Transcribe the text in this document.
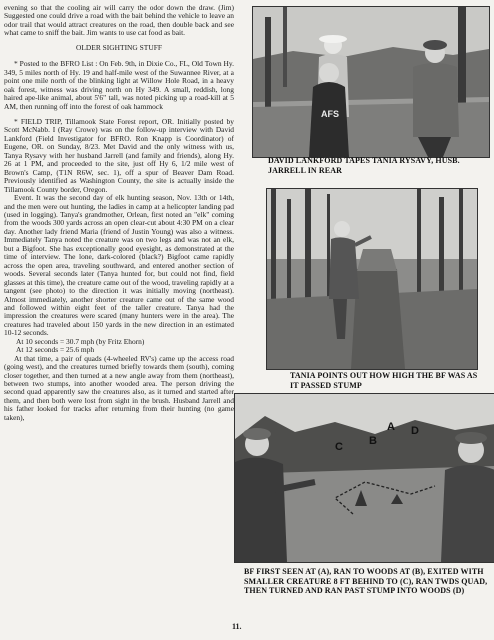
evening so that the cooling air will carry the odor down the draw. (Jim) Suggested one could drive a road with the bait behind the vehicle to leave an odor trail that would attract creatures on the road, then double back and see what came to sniff the bait. Jim wants to use cat food as bait.

OLDER SIGHTING STUFF

* Posted to the BFRO List : On Feb. 9th, in Dixie Co., FL, Old Town Hy. 349, 5 miles north of Hy. 19 and half-mile west of the Suwannee River, at a point one mile north of the blinking light at Willow Hole Road, in a heavy oak forest, witness was driving north on Hy 349. A small, reddish, long haired ape-like animal, about 5'6" tall, was noted picking up a road-kill at 5 AM, then running off into the forest of oak hammock

* FIELD TRIP, Tillamook State Forest report, OR. Initially posted by Scott McNabb. I (Ray Crowe) was on the follow-up interview with David Lankford (Field Investigator for BFRO. Ron Knapp is Coordinator) of Eugene, OR. on Sunday, 8/23. Met David and the only witness with us, Tanya Rysavy with her husband Jarrell (and family and friends), along Hy. 26 at 1 PM, and proceeded to the site, just off Hy 6, 1/2 mile west of Brown's Camp, (T1N R6W, sec. 1), off a spur of Beaver Dam Road. Previously identified as Washington County, the site is actually inside the Tillamook County border, Oregon.

Event. It was the second day of elk hunting season, Nov. 13th or 14th, and the men were out hunting, the ladies in camp at a helicopter landing pad (used in logging). Tanya's grandmother, Orlean, first noted an "elk" coming from the woods 300 yards across an open clear-cut about 4:30 PM on a clear day. Another lady friend Maria (friend of Justin Young) was also a witness. Immediately Tanya noted the creature was on two legs and was not an elk, but a Bigfoot. She has exceptionally good eyesight, as demonstrated at the time of interview. The lone, dark-colored (black?) Bigfoot came rapidly across the open area, traveling southward, and entered another section of woods. Several seconds later (Tanya hunted for, but could not find, field glasses at this time), the creature came out of the wood, traveling rapidly at a tangent (see photo) to the direction it was initially moving (northeast). Almost immediately, another shorter creature came out of the same wood and followed within eight feet of the taller creature. Tanya had the impression the creatures were scared (many hunters were in the area). The creatures had traveled about 150 yards in the new direction in an estimated 10-12 seconds.

At 10 seconds = 30.7 mph (by Fritz Ehorn)

At 12 seconds = 25.6 mph

At that time, a pair of quads (4-wheeled RV's) came up the access road (going west), and the creatures turned briefly towards them (south), coming closer together, and then turned at a new angle away from them (northeast), between two stumps, into another wooded area. The person driving the second quad apparently saw the creatures also, as it turned and started after them, and then both were lost from sight in the brush. Husband Jarrell and his father looked for tracks after returning from their hunting (no game taken),

AFS
DAVID LANKFORD TAPES TANIA RYSAVY, HUSB. JARRELL IN REAR
TANIA POINTS OUT HOW HIGH THE BF WAS AS IT PASSED STUMP
A D
B
C
BF FIRST SEEN AT (A), RAN TO WOODS AT (B), EXITED WITH SMALLER CREATURE 8 FT BEHIND TO (C), RAN TWDS QUAD, THEN TURNED AND RAN PAST STUMP INTO WOODS (D)
11.
